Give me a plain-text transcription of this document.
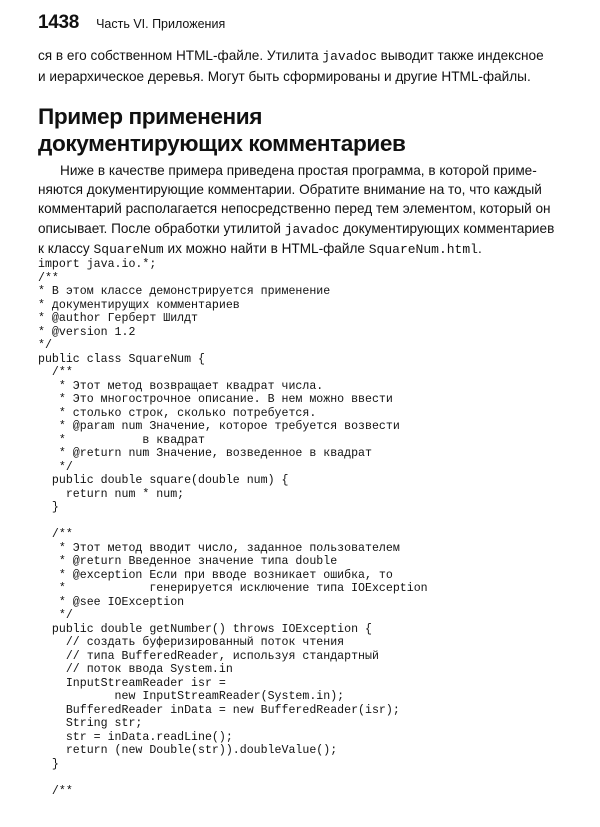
1438 Часть VI. Приложения

ся в его собственном HTML-файле. Утилита javadoc выводит также индексное
и иерархическое деревья. Могут быть сформированы и другие HTML-файлы.

Пример применения
документирующих комментариев

Ниже в качестве примера приведена простая программа, в которой приме-
няются документирующие комментарии. Обратите внимание на то, что каждый
комментарий располагается непосредственно перед тем элементом, который он
описывает. После обработки утилитой javadoc документирующих комментариев
к классу SquareNum их можно найти в HTML-файле SquareNum.html.

import java.io.*;
/**
* В этом классе демонстрируется применение
* документирущих комментариев
* @author Герберт Шилдт
* @version 1.2
*/
public class SquareNum {
/**
* Этот метод возвращает квадрат числа.
* Это многострочное описание. В нем можно ввести
* столько строк, сколько потребуется.
* @param num Значение, которое требуется возвести
*           в квадрат
* @return num Значение, возведенное в квадрат
*/
public double square(double num) {
return num * num;
}

/**
* Этот метод вводит число, заданное пользователем
* @return Введенное значение типа double
* @exception Если при вводе возникает ошибка, то
*            генерируется исключение типа IOException
* @see IOException
*/
public double getNumber() throws IOException {
// создать буферизированный поток чтения
// типа BufferedReader, используя стандартный
// поток ввода System.in
InputStreamReader isr =
new InputStreamReader(System.in);
BufferedReader inData = new BufferedReader(isr);
String str;
str = inData.readLine();
return (new Double(str)).doubleValue();
}

/**
